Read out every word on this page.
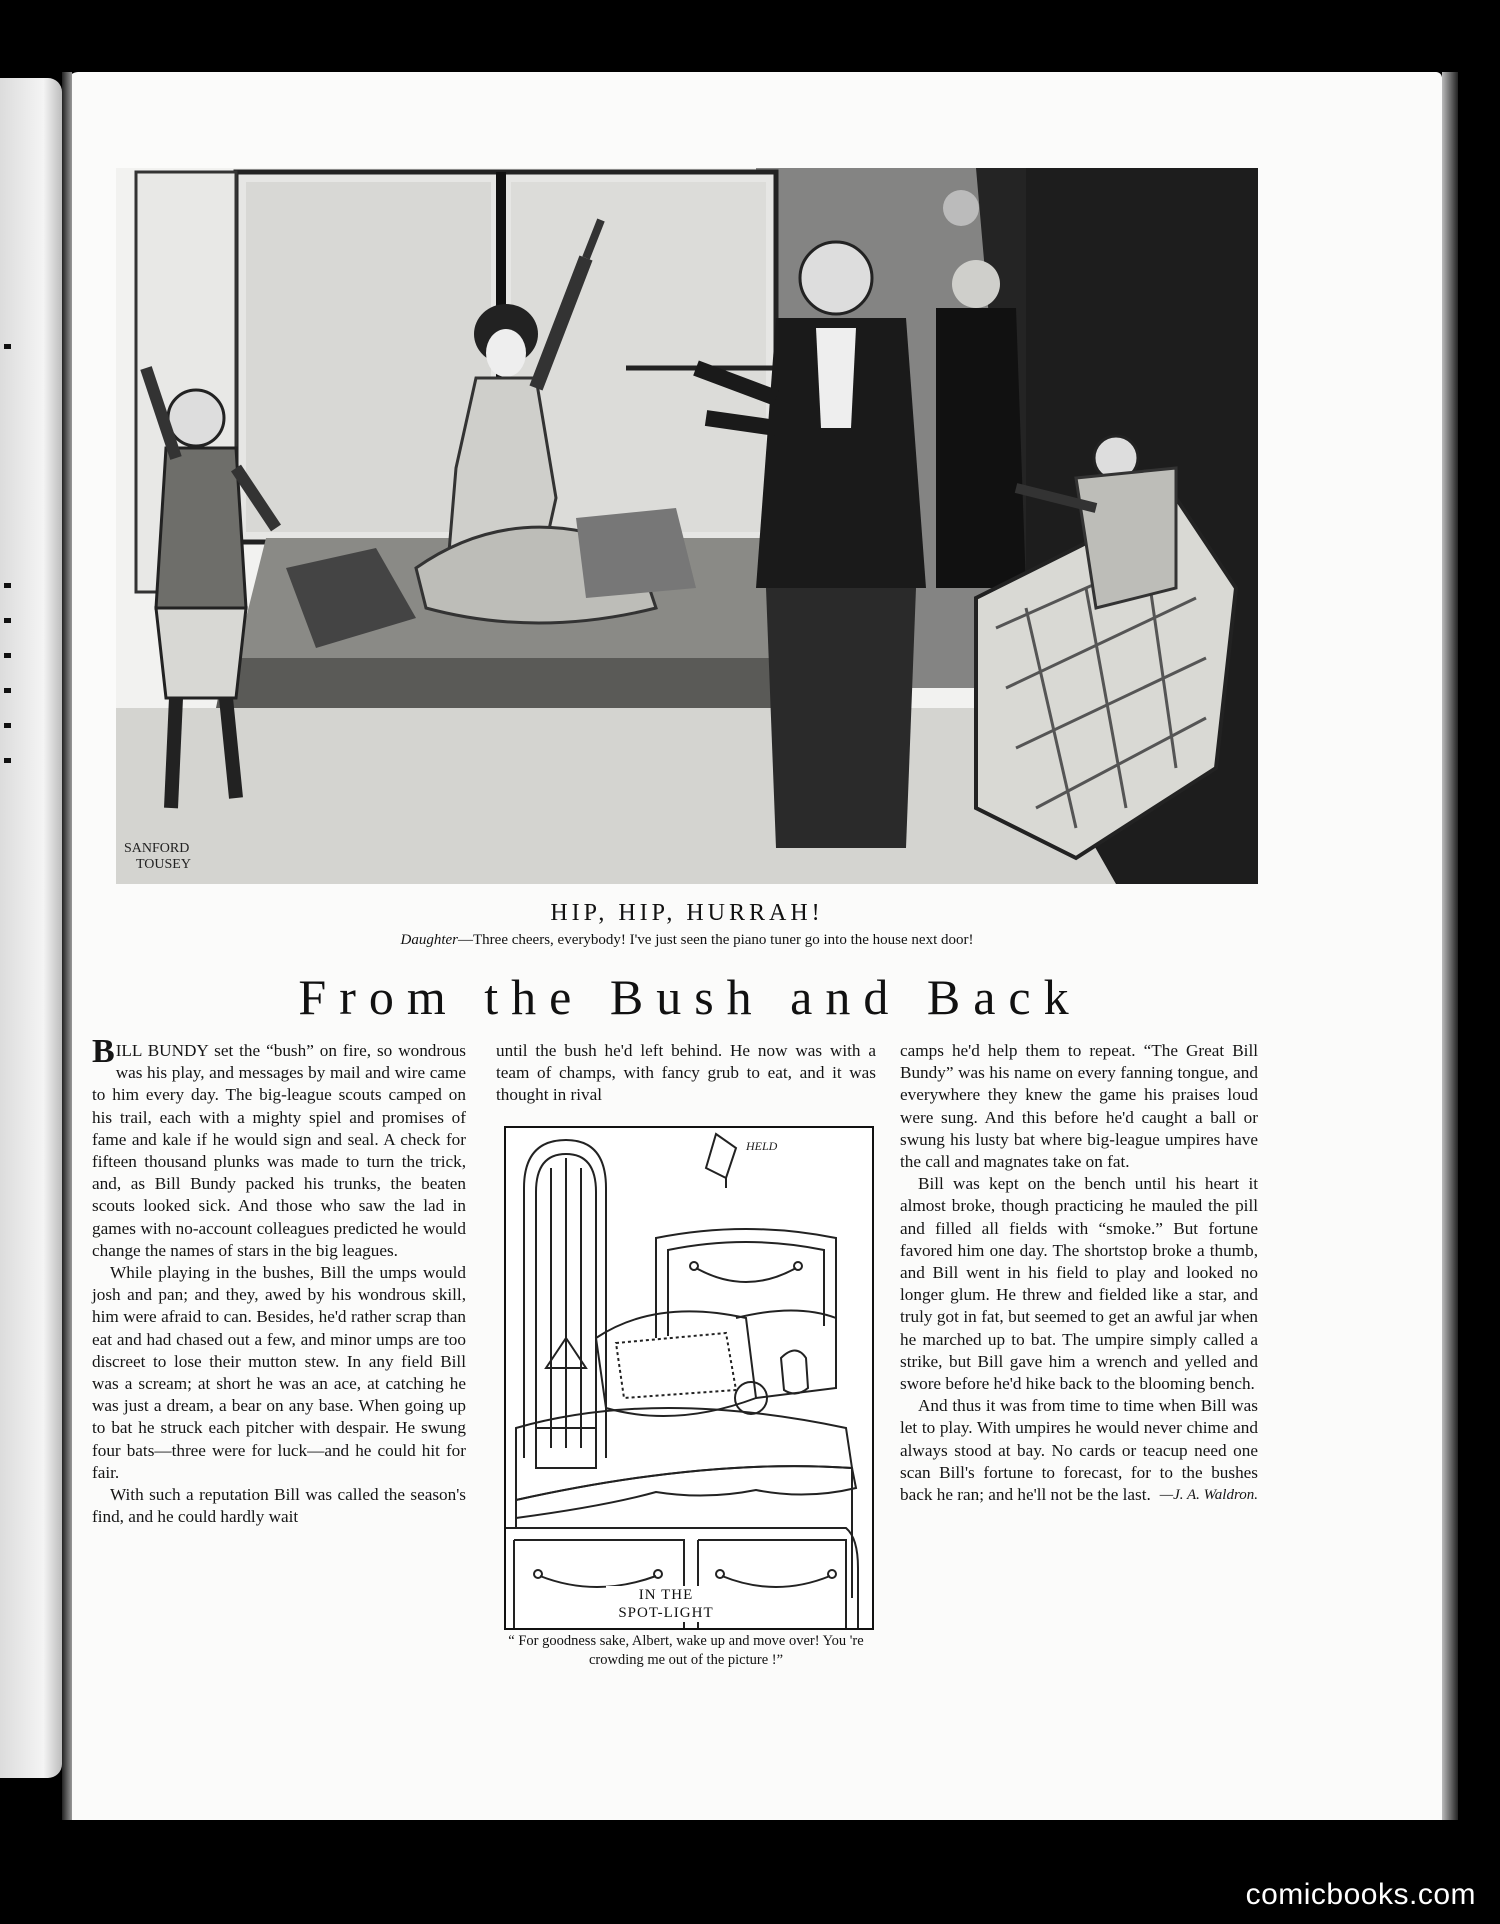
SANFORD
TOUSEY
HIP, HIP, HURRAH!
Daughter—Three cheers, everybody! I've just seen the piano tuner go into the house next door!
From the Bush and Back

BILL BUNDY set the “bush” on fire, so wondrous was his play, and messages by mail and wire came to him every day. The big-league scouts camped on his trail, each with a mighty spiel and promises of fame and kale if he would sign and seal. A check for fifteen thousand plunks was made to turn the trick, and, as Bill Bundy packed his trunks, the beaten scouts looked sick. And those who saw the lad in games with no-account colleagues predicted he would change the names of stars in the big leagues.

While playing in the bushes, Bill the umps would josh and pan; and they, awed by his wondrous skill, him were afraid to can. Besides, he'd rather scrap than eat and had chased out a few, and minor umps are too discreet to lose their mutton stew. In any field Bill was a scream; at short he was an ace, at catching he was just a dream, a bear on any base. When going up to bat he struck each pitcher with despair. He swung four bats—three were for luck—and he could hit for fair.

With such a reputation Bill was called the season's find, and he could hardly wait

until the bush he'd left behind. He now was with a team of champs, with fancy grub to eat, and it was thought in rival

HELD
IN THE
SPOT-LIGHT
“ For goodness sake, Albert, wake up and move over! You 're crowding me out of the picture !”

camps he'd help them to repeat. “The Great Bill Bundy” was his name on every fanning tongue, and everywhere they knew the game his praises loud were sung. And this before he'd caught a ball or swung his lusty bat where big-league umpires have the call and magnates take on fat.

Bill was kept on the bench until his heart it almost broke, though practicing he mauled the pill and filled all fields with “smoke.” But fortune favored him one day. The shortstop broke a thumb, and Bill went in his field to play and looked no longer glum. He threw and fielded like a star, and truly got in fat, but seemed to get an awful jar when he marched up to bat. The umpire simply called a strike, but Bill gave him a wrench and yelled and swore before he'd hike back to the blooming bench.

And thus it was from time to time when Bill was let to play. With umpires he would never chime and always stood at bay. No cards or teacup need one scan Bill's fortune to forecast, for to the bushes back he ran; and he'll not be the last. —J. A. Waldron.
comicbooks.com
